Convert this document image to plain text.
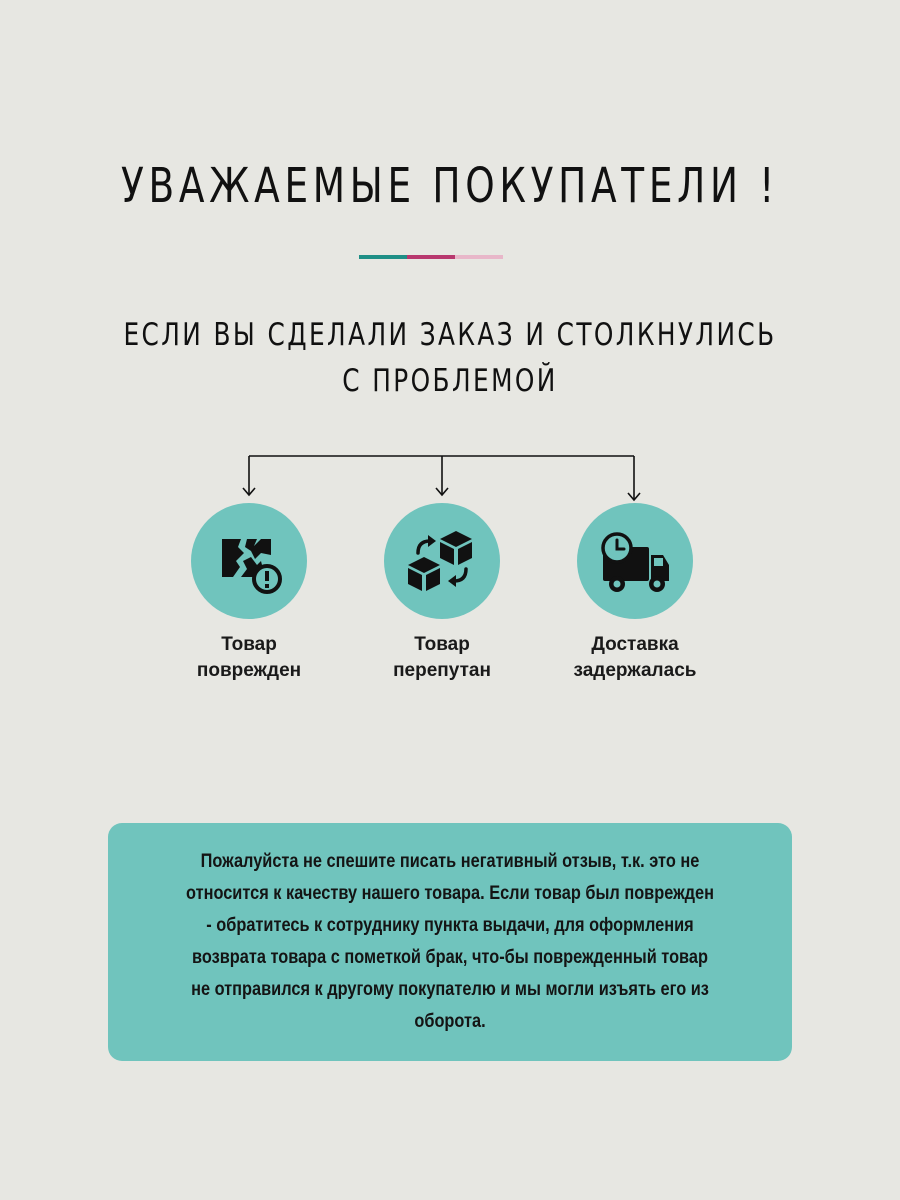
УВАЖАЕМЫЕ ПОКУПАТЕЛИ !
ЕСЛИ ВЫ СДЕЛАЛИ ЗАКАЗ И СТОЛКНУЛИСЬ
С ПРОБЛЕМОЙ
Товар
поврежден
Товар
перепутан
Доставка
задержалась
Пожалуйста не спешите писать негативный отзыв, т.к. это не относится к качеству нашего товара. Если товар был поврежден - обратитесь к сотруднику пункта выдачи, для оформления возврата товара с пометкой брак, что-бы поврежденный товар не отправился к другому покупателю и мы могли изъять его из оборота.
